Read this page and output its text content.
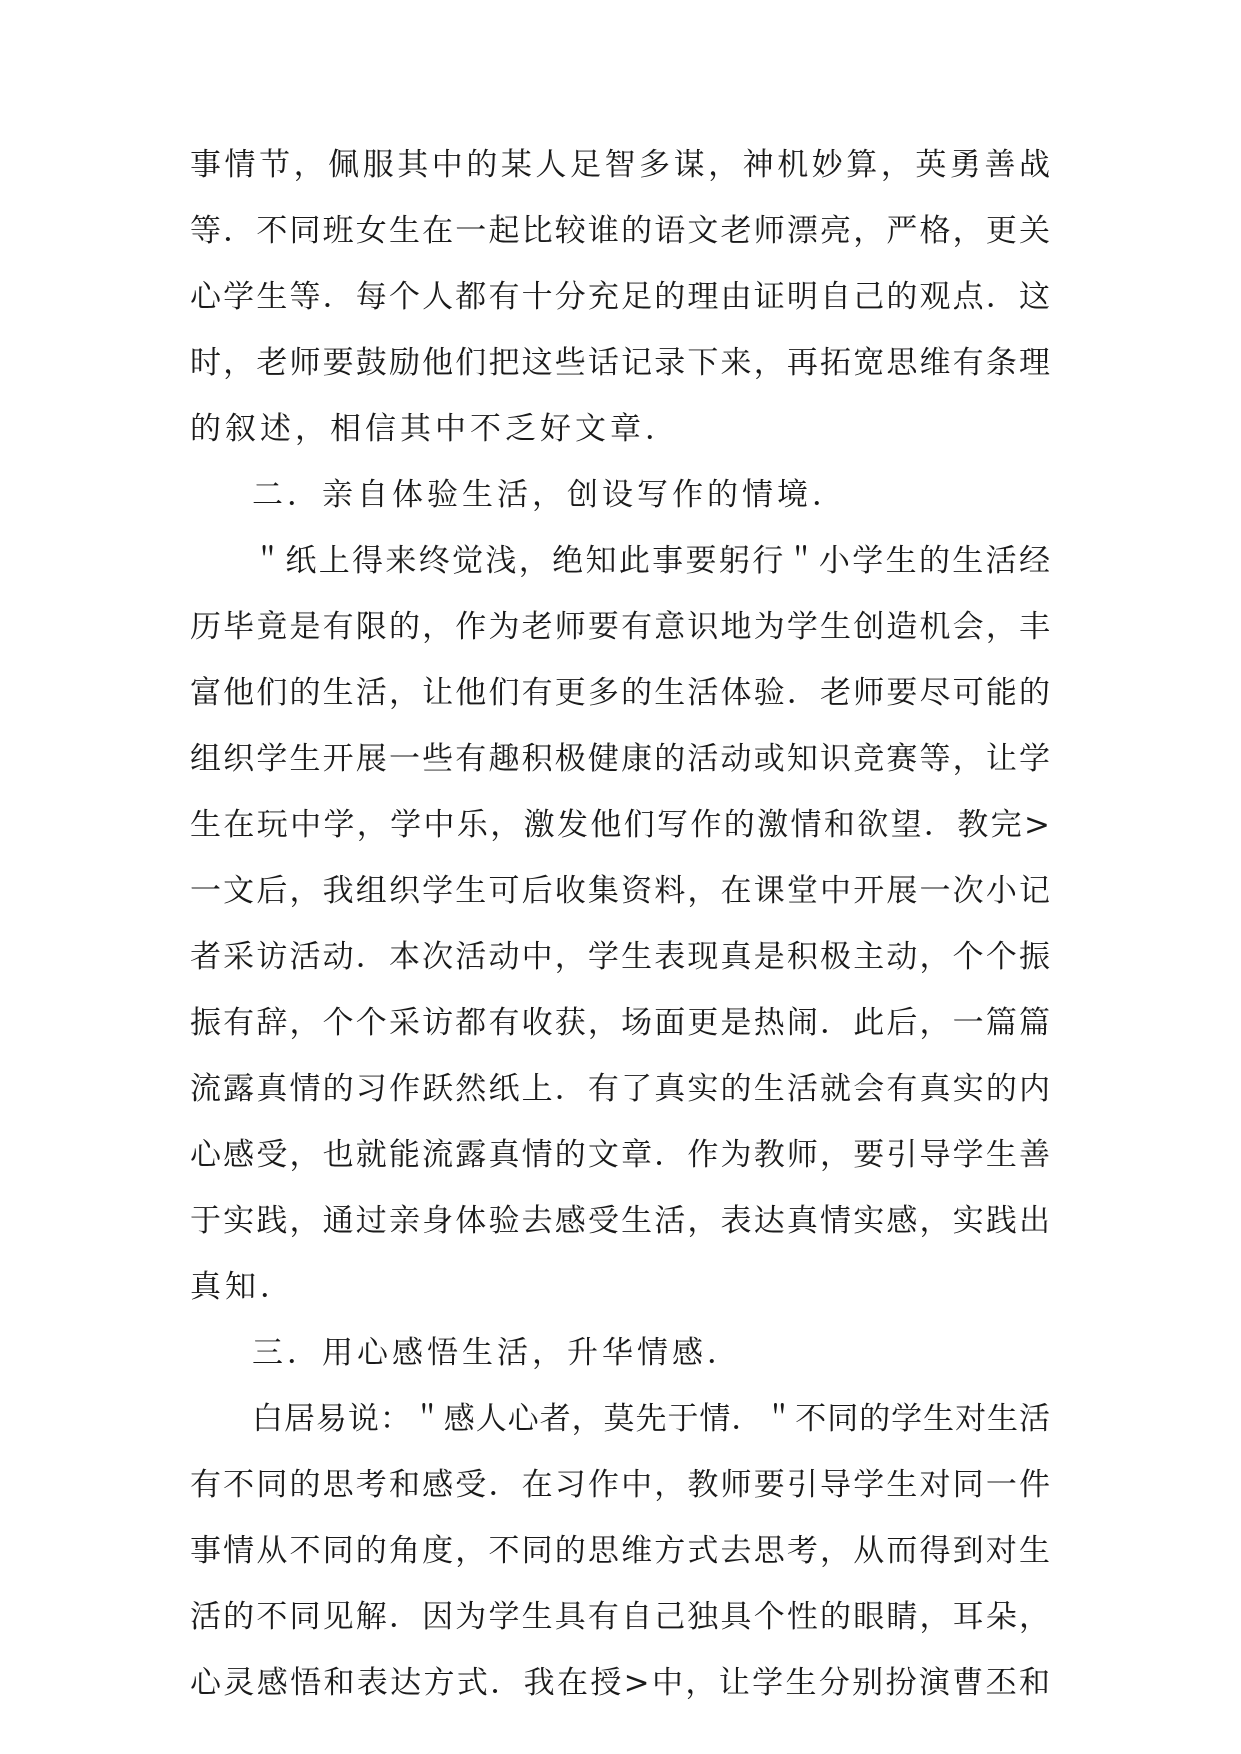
事情节，佩服其中的某人足智多谋，神机妙算，英勇善战
等．不同班女生在一起比较谁的语文老师漂亮，严格，更关
心学生等．每个人都有十分充足的理由证明自己的观点．这
时，老师要鼓励他们把这些话记录下来，再拓宽思维有条理
的叙述，相信其中不乏好文章．
二．亲自体验生活，创设写作的情境．
＂纸上得来终觉浅，绝知此事要躬行＂小学生的生活经
历毕竟是有限的，作为老师要有意识地为学生创造机会，丰
富他们的生活，让他们有更多的生活体验．老师要尽可能的
组织学生开展一些有趣积极健康的活动或知识竞赛等，让学
生在玩中学，学中乐，激发他们写作的激情和欲望．教完>
一文后，我组织学生可后收集资料，在课堂中开展一次小记
者采访活动．本次活动中，学生表现真是积极主动，个个振
振有辞，个个采访都有收获，场面更是热闹．此后，一篇篇
流露真情的习作跃然纸上．有了真实的生活就会有真实的内
心感受，也就能流露真情的文章．作为教师，要引导学生善
于实践，通过亲身体验去感受生活，表达真情实感，实践出
真知．
三．用心感悟生活，升华情感．
白居易说：＂感人心者，莫先于情．＂不同的学生对生活
有不同的思考和感受．在习作中，教师要引导学生对同一件
事情从不同的角度，不同的思维方式去思考，从而得到对生
活的不同见解．因为学生具有自己独具个性的眼睛，耳朵，
心灵感悟和表达方式．我在授>中，让学生分别扮演曹丕和
